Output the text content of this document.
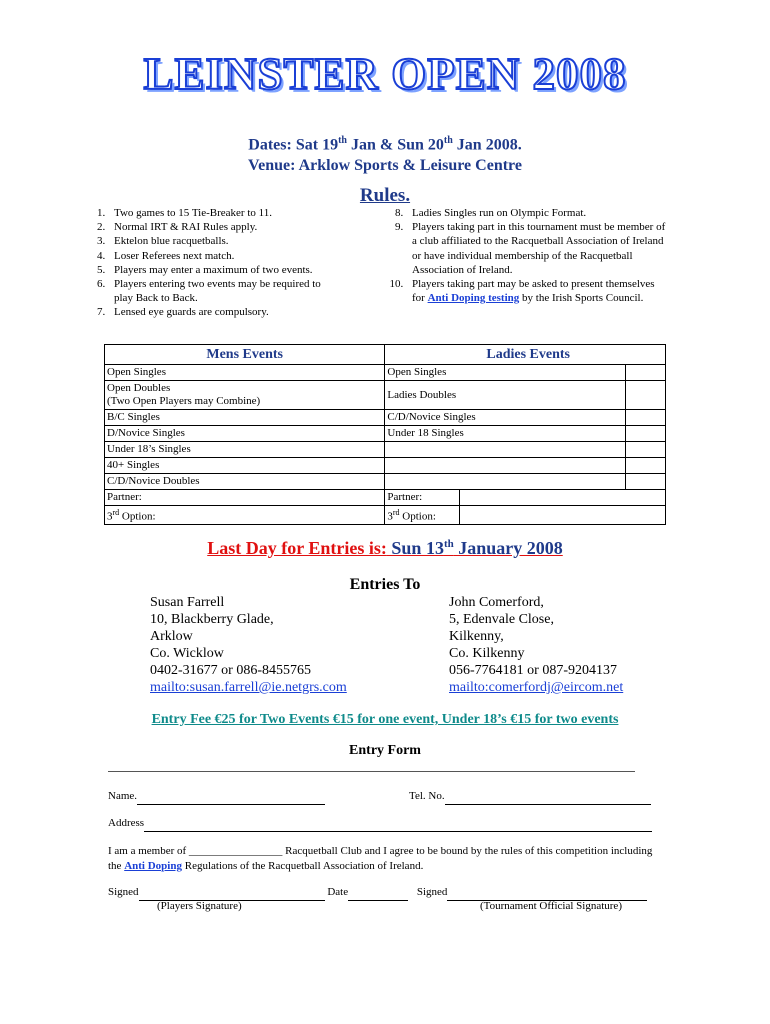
LEINSTER OPEN 2008
Dates: Sat 19th Jan & Sun 20th Jan 2008.
Venue: Arklow Sports & Leisure Centre
Rules.
1. Two games to 15 Tie-Breaker to 11.
2. Normal IRT & RAI Rules apply.
3. Ektelon blue racquetballs.
4. Loser Referees next match.
5. Players may enter a maximum of two events.
6. Players entering two events may be required to play Back to Back.
7. Lensed eye guards are compulsory.
8. Ladies Singles run on Olympic Format.
9. Players taking part in this tournament must be member of a club affiliated to the Racquetball Association of Ireland or have individual membership of the Racquetball Association of Ireland.
10. Players taking part may be asked to present themselves for Anti Doping testing by the Irish Sports Council.
Mens Events	Ladies Events
Open Singles	Open Singles	

Open Doubles
(Two Open Players may Combine)
	Ladies Doubles	
B/C Singles	C/D/Novice Singles	
D/Novice Singles	Under 18 Singles	
Under 18’s Singles		
40+ Singles		
C/D/Novice Doubles		
Partner:		Partner:	

3rd Option:		3rd Option:	
Last Day for Entries is: Sun 13th January 2008
Entries To
Susan Farrell
10, Blackberry Glade,
Arklow
Co. Wicklow
0402-31677 or 086-8455765
mailto:susan.farrell@ie.netgrs.com
John Comerford,
5, Edenvale Close,
Kilkenny,
Co. Kilkenny
056-7764181 or 087-9204137
mailto:comerfordj@eircom.net
Entry Fee €25 for Two Events €15 for one event, Under 18’s €15 for two events
Entry Form
Name.	Tel. No.
Address
I am a member of _________________ Racquetball Club and I agree to be bound by the rules of this competition including the Anti Doping Regulations of the Racquetball Association of Ireland.
Signed	Date	Signed
(Players Signature)	(Tournament Official Signature)
